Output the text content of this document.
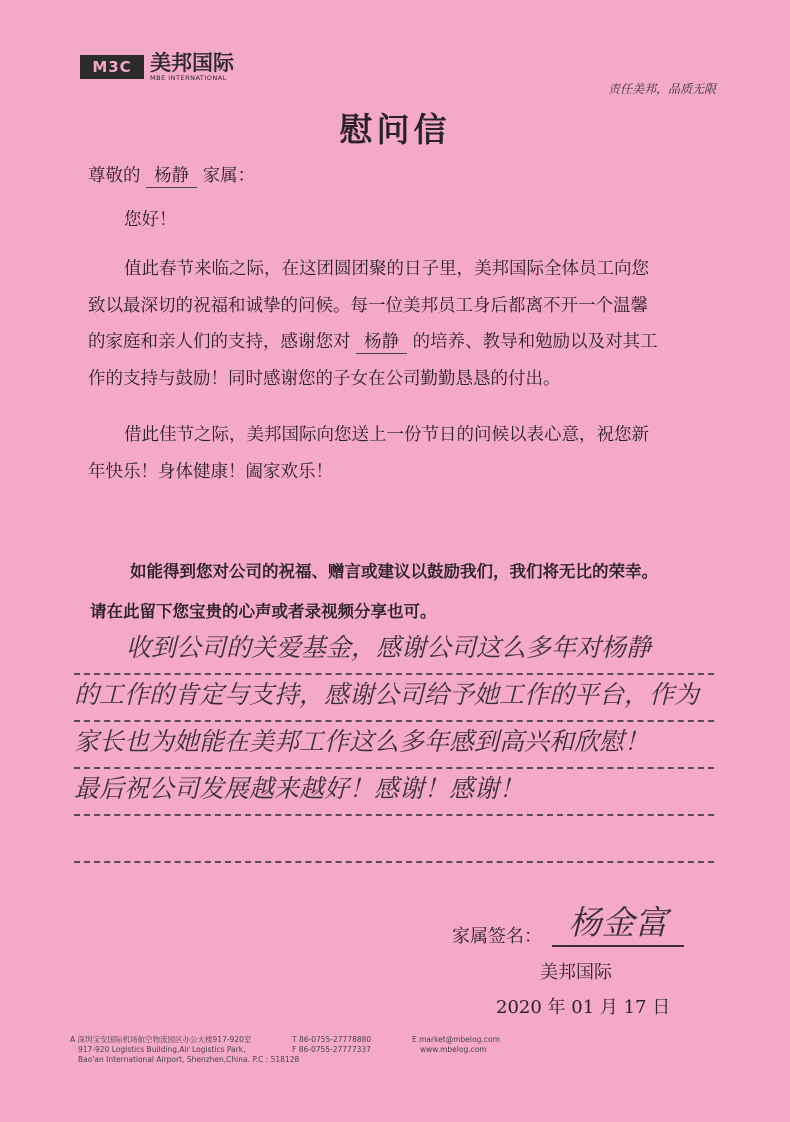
M3C 美邦国际
MBE INTERNATIONAL
责任美邦，品质无限
慰问信
尊敬的 杨静 家属：
您好！
值此春节来临之际，在这团圆团聚的日子里，美邦国际全体员工向您
致以最深切的祝福和诚挚的问候。每一位美邦员工身后都离不开一个温馨
的家庭和亲人们的支持，感谢您对 杨静 的培养、教导和勉励以及对其工
作的支持与鼓励！同时感谢您的子女在公司勤勤恳恳的付出。
借此佳节之际，美邦国际向您送上一份节日的问候以表心意，祝您新
年快乐！身体健康！阖家欢乐！
如能得到您对公司的祝福、赠言或建议以鼓励我们，我们将无比的荣幸。
请在此留下您宝贵的心声或者录视频分享也可。
收到公司的关爱基金，感谢公司这么多年对杨静
的工作的肯定与支持，感谢公司给予她工作的平台，作为
家长也为她能在美邦工作这么多年感到高兴和欣慰！
最后祝公司发展越来越好！感谢！感谢！
家属签名： 杨金富
美邦国际
2020 年 01 月 17 日
A 深圳宝安国际机场航空物流园区办公大楼917-920室
917-920 Logistics Building,Air Logistics Park,
Bao'an International Airport, Shenzhen,China. P.C : 518128
T 86-0755-27778880
F 86-0755-27777337
E market@mbelog.com
www.mbelog.com
